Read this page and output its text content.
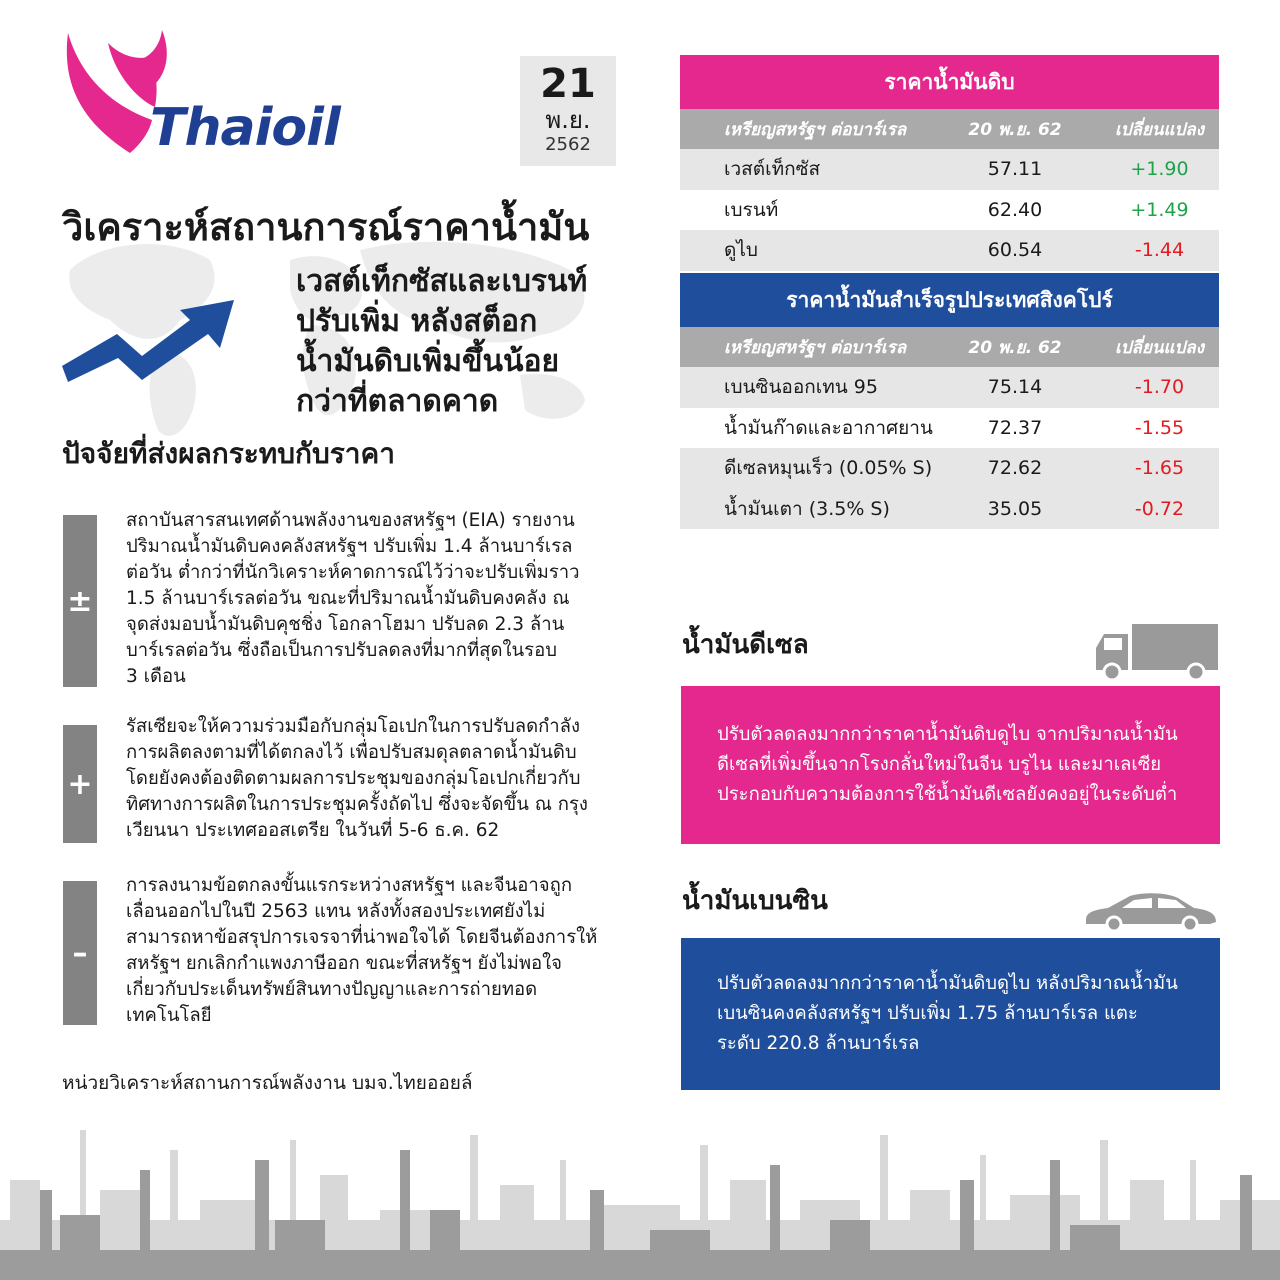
Thaioil
21
พ.ย.
2562
วิเคราะห์สถานการณ์ราคาน้ำมัน
เวสต์เท็กซัสและเบรนท์
ปรับเพิ่ม หลังสต็อก
น้ำมันดิบเพิ่มขึ้นน้อย
กว่าที่ตลาดคาด
ปัจจัยที่ส่งผลกระทบกับราคา
±
สถาบันสารสนเทศด้านพลังงานของสหรัฐฯ (EIA) รายงาน
ปริมาณน้ำมันดิบคงคลังสหรัฐฯ ปรับเพิ่ม 1.4 ล้านบาร์เรล
ต่อวัน ต่ำกว่าที่นักวิเคราะห์คาดการณ์ไว้ว่าจะปรับเพิ่มราว
1.5 ล้านบาร์เรลต่อวัน ขณะที่ปริมาณน้ำมันดิบคงคลัง ณ
จุดส่งมอบน้ำมันดิบคุชชิ่ง โอกลาโฮมา ปรับลด 2.3 ล้าน
บาร์เรลต่อวัน ซึ่งถือเป็นการปรับลดลงที่มากที่สุดในรอบ
3 เดือน
+
รัสเซียจะให้ความร่วมมือกับกลุ่มโอเปกในการปรับลดกำลัง
การผลิตลงตามที่ได้ตกลงไว้ เพื่อปรับสมดุลตลาดน้ำมันดิบ
โดยยังคงต้องติดตามผลการประชุมของกลุ่มโอเปกเกี่ยวกับ
ทิศทางการผลิตในการประชุมครั้งถัดไป ซึ่งจะจัดขึ้น ณ กรุง
เวียนนา ประเทศออสเตรีย ในวันที่ 5-6 ธ.ค. 62
–
การลงนามข้อตกลงขั้นแรกระหว่างสหรัฐฯ และจีนอาจถูก
เลื่อนออกไปในปี 2563 แทน หลังทั้งสองประเทศยังไม่
สามารถหาข้อสรุปการเจรจาที่น่าพอใจได้ โดยจีนต้องการให้
สหรัฐฯ ยกเลิกกำแพงภาษีออก ขณะที่สหรัฐฯ ยังไม่พอใจ
เกี่ยวกับประเด็นทรัพย์สินทางปัญญาและการถ่ายทอด
เทคโนโลยี
หน่วยวิเคราะห์สถานการณ์พลังงาน บมจ.ไทยออยล์
ราคาน้ำมันดิบ
เหรียญสหรัฐฯ ต่อบาร์เรล	20 พ.ย. 62	เปลี่ยนแปลง
เวสต์เท็กซัส	57.11	+1.90
เบรนท์	62.40	+1.49
ดูไบ	60.54	-1.44
ราคาน้ำมันสำเร็จรูปประเทศสิงคโปร์
เหรียญสหรัฐฯ ต่อบาร์เรล	20 พ.ย. 62	เปลี่ยนแปลง
เบนซินออกเทน 95	75.14	-1.70
น้ำมันก๊าดและอากาศยาน	72.37	-1.55
ดีเซลหมุนเร็ว (0.05% S)	72.62	-1.65
น้ำมันเตา (3.5% S)	35.05	-0.72
น้ำมันดีเซล
ปรับตัวลดลงมากกว่าราคาน้ำมันดิบดูไบ จากปริมาณน้ำมัน
ดีเซลที่เพิ่มขึ้นจากโรงกลั่นใหม่ในจีน บรูไน และมาเลเซีย
ประกอบกับความต้องการใช้น้ำมันดีเซลยังคงอยู่ในระดับต่ำ
น้ำมันเบนซิน
ปรับตัวลดลงมากกว่าราคาน้ำมันดิบดูไบ หลังปริมาณน้ำมัน
เบนซินคงคลังสหรัฐฯ ปรับเพิ่ม 1.75 ล้านบาร์เรล แตะ
ระดับ 220.8 ล้านบาร์เรล
